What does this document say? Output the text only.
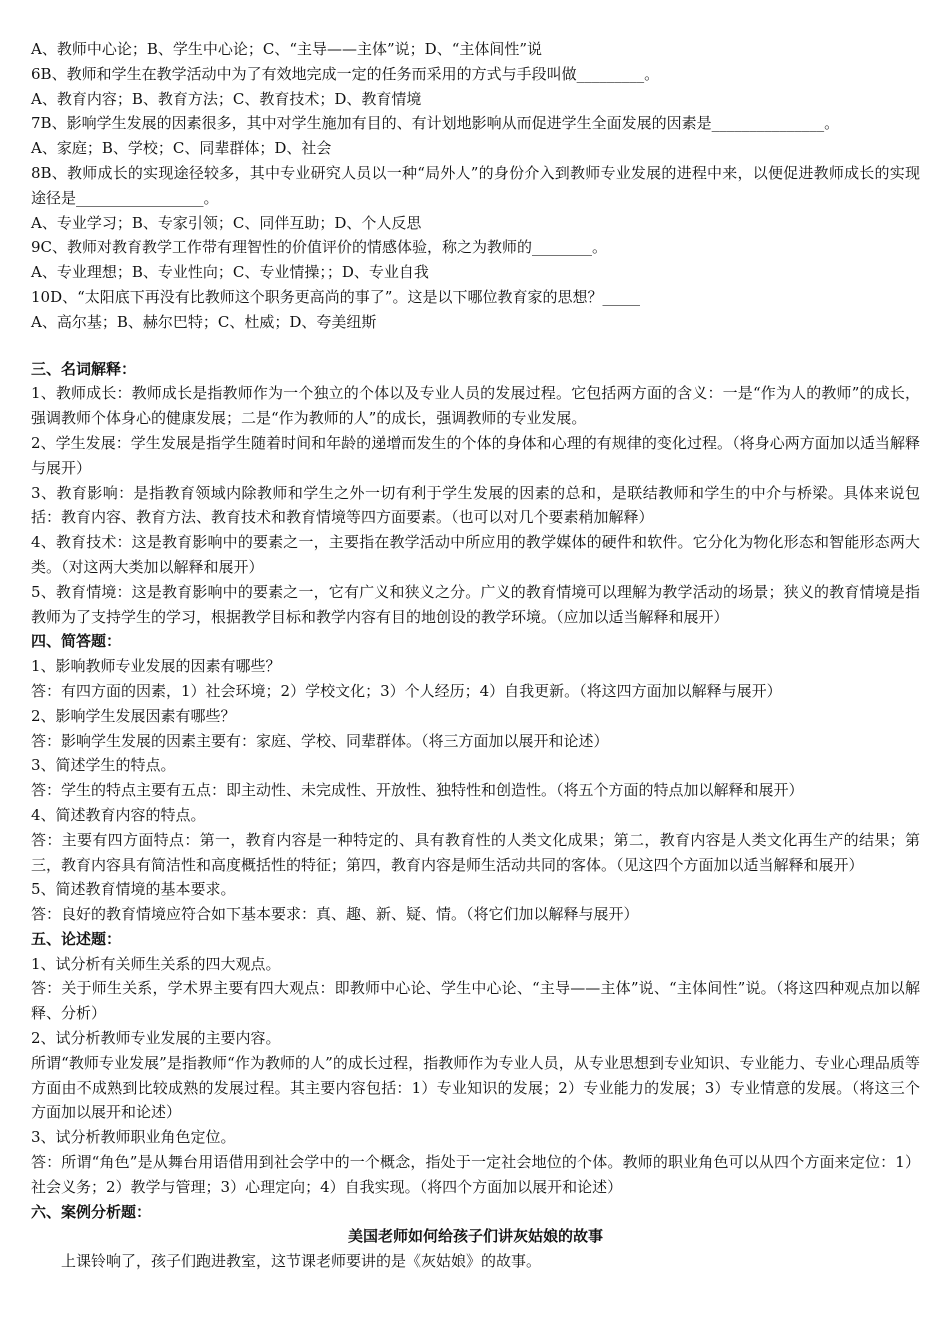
A、教师中心论；B、学生中心论；C、“主导——主体”说；D、“主体间性”说

6B、教师和学生在教学活动中为了有效地完成一定的任务而采用的方式与手段叫做_________。

A、教育内容；B、教育方法；C、教育技术；D、教育情境

7B、影响学生发展的因素很多，其中对学生施加有目的、有计划地影响从而促进学生全面发展的因素是_______________。

A、家庭；B、学校；C、同辈群体；D、社会

8B、教师成长的实现途径较多，其中专业研究人员以一种“局外人”的身份介入到教师专业发展的进程中来，以便促进教师成长的实现途径是_________________。

A、专业学习；B、专家引领；C、同伴互助；D、个人反思

9C、教师对教育教学工作带有理智性的价值评价的情感体验，称之为教师的________。

A、专业理想；B、专业性向；C、专业情操；；D、专业自我

10D、“太阳底下再没有比教师这个职务更高尚的事了”。这是以下哪位教育家的思想？_____

A、高尔基；B、赫尔巴特；C、杜威；D、夸美纽斯

三、名词解释：

1、教师成长：教师成长是指教师作为一个独立的个体以及专业人员的发展过程。它包括两方面的含义：一是“作为人的教师”的成长，强调教师个体身心的健康发展；二是“作为教师的人”的成长，强调教师的专业发展。

2、学生发展：学生发展是指学生随着时间和年龄的递增而发生的个体的身体和心理的有规律的变化过程。（将身心两方面加以适当解释与展开）

3、教育影响：是指教育领域内除教师和学生之外一切有利于学生发展的因素的总和，是联结教师和学生的中介与桥梁。具体来说包括：教育内容、教育方法、教育技术和教育情境等四方面要素。（也可以对几个要素稍加解释）

4、教育技术：这是教育影响中的要素之一，主要指在教学活动中所应用的教学媒体的硬件和软件。它分化为物化形态和智能形态两大类。（对这两大类加以解释和展开）

5、教育情境：这是教育影响中的要素之一，它有广义和狭义之分。广义的教育情境可以理解为教学活动的场景；狭义的教育情境是指教师为了支持学生的学习，根据教学目标和教学内容有目的地创设的教学环境。（应加以适当解释和展开）

四、简答题：

1、影响教师专业发展的因素有哪些？

答：有四方面的因素，1）社会环境；2）学校文化；3）个人经历；4）自我更新。（将这四方面加以解释与展开）

2、影响学生发展因素有哪些？

答：影响学生发展的因素主要有：家庭、学校、同辈群体。（将三方面加以展开和论述）

3、简述学生的特点。

答：学生的特点主要有五点：即主动性、未完成性、开放性、独特性和创造性。（将五个方面的特点加以解释和展开）

4、简述教育内容的特点。

答：主要有四方面特点：第一，教育内容是一种特定的、具有教育性的人类文化成果；第二，教育内容是人类文化再生产的结果；第三，教育内容具有简洁性和高度概括性的特征；第四，教育内容是师生活动共同的客体。（见这四个方面加以适当解释和展开）

5、简述教育情境的基本要求。

答：良好的教育情境应符合如下基本要求：真、趣、新、疑、情。（将它们加以解释与展开）

五、论述题：

1、试分析有关师生关系的四大观点。

答：关于师生关系，学术界主要有四大观点：即教师中心论、学生中心论、“主导——主体”说、“主体间性”说。（将这四种观点加以解释、分析）

2、试分析教师专业发展的主要内容。

所谓“教师专业发展”是指教师“作为教师的人”的成长过程，指教师作为专业人员，从专业思想到专业知识、专业能力、专业心理品质等方面由不成熟到比较成熟的发展过程。其主要内容包括：1）专业知识的发展；2）专业能力的发展；3）专业情意的发展。（将这三个方面加以展开和论述）

3、试分析教师职业角色定位。

答：所谓“角色”是从舞台用语借用到社会学中的一个概念，指处于一定社会地位的个体。教师的职业角色可以从四个方面来定位：1）社会义务；2）教学与管理；3）心理定向；4）自我实现。（将四个方面加以展开和论述）

六、案例分析题：

美国老师如何给孩子们讲灰姑娘的故事

上课铃响了，孩子们跑进教室，这节课老师要讲的是《灰姑娘》的故事。
